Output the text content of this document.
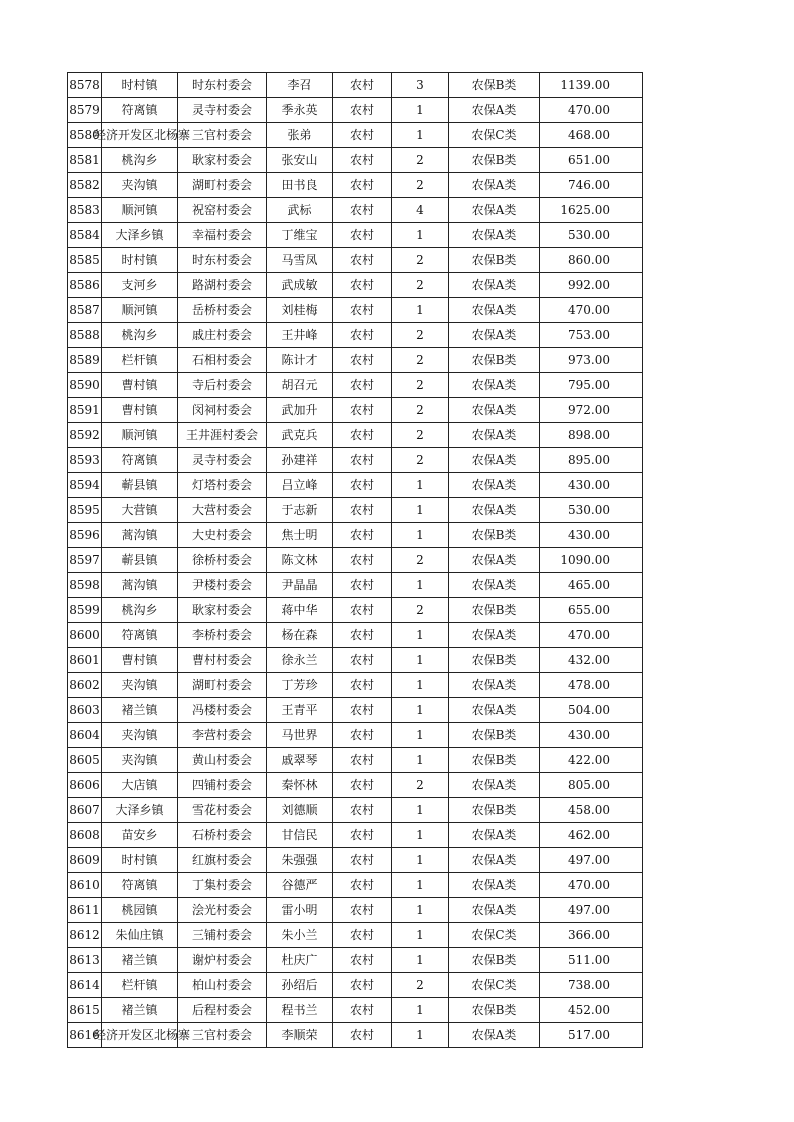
8578	时村镇	时东村委会	李召	农村	3	农保B类	1139.00
8579	符离镇	灵寺村委会	季永英	农村	1	农保A类	470.00
8580	经济开发区北杨寨	三官村委会	张弟	农村	1	农保C类	468.00
8581	桃沟乡	耿家村委会	张安山	农村	2	农保B类	651.00
8582	夹沟镇	湖町村委会	田书良	农村	2	农保A类	746.00
8583	顺河镇	祝窑村委会	武标	农村	4	农保A类	1625.00
8584	大泽乡镇	幸福村委会	丁维宝	农村	1	农保A类	530.00
8585	时村镇	时东村委会	马雪凤	农村	2	农保B类	860.00
8586	支河乡	路湖村委会	武成敏	农村	2	农保A类	992.00
8587	顺河镇	岳桥村委会	刘桂梅	农村	1	农保A类	470.00
8588	桃沟乡	戚庄村委会	王井峰	农村	2	农保A类	753.00
8589	栏杆镇	石相村委会	陈计才	农村	2	农保B类	973.00
8590	曹村镇	寺后村委会	胡召元	农村	2	农保A类	795.00
8591	曹村镇	闵祠村委会	武加升	农村	2	农保A类	972.00
8592	顺河镇	王井涯村委会	武克兵	农村	2	农保A类	898.00
8593	符离镇	灵寺村委会	孙建祥	农村	2	农保A类	895.00
8594	蕲县镇	灯塔村委会	吕立峰	农村	1	农保A类	430.00
8595	大营镇	大营村委会	于志新	农村	1	农保A类	530.00
8596	蒿沟镇	大史村委会	焦士明	农村	1	农保B类	430.00
8597	蕲县镇	徐桥村委会	陈文林	农村	2	农保A类	1090.00
8598	蒿沟镇	尹楼村委会	尹晶晶	农村	1	农保A类	465.00
8599	桃沟乡	耿家村委会	蒋中华	农村	2	农保B类	655.00
8600	符离镇	李桥村委会	杨在森	农村	1	农保A类	470.00
8601	曹村镇	曹村村委会	徐永兰	农村	1	农保B类	432.00
8602	夹沟镇	湖町村委会	丁芳珍	农村	1	农保A类	478.00
8603	褚兰镇	冯楼村委会	王青平	农村	1	农保A类	504.00
8604	夹沟镇	李营村委会	马世界	农村	1	农保B类	430.00
8605	夹沟镇	黄山村委会	戚翠琴	农村	1	农保B类	422.00
8606	大店镇	四铺村委会	秦怀林	农村	2	农保A类	805.00
8607	大泽乡镇	雪花村委会	刘德顺	农村	1	农保B类	458.00
8608	苗安乡	石桥村委会	甘信民	农村	1	农保A类	462.00
8609	时村镇	红旗村委会	朱强强	农村	1	农保A类	497.00
8610	符离镇	丁集村委会	谷德严	农村	1	农保A类	470.00
8611	桃园镇	浍光村委会	雷小明	农村	1	农保A类	497.00
8612	朱仙庄镇	三铺村委会	朱小兰	农村	1	农保C类	366.00
8613	褚兰镇	谢炉村委会	杜庆广	农村	1	农保B类	511.00
8614	栏杆镇	柏山村委会	孙绍后	农村	2	农保C类	738.00
8615	褚兰镇	后程村委会	程书兰	农村	1	农保B类	452.00
8616	经济开发区北杨寨	三官村委会	李顺荣	农村	1	农保A类	517.00
